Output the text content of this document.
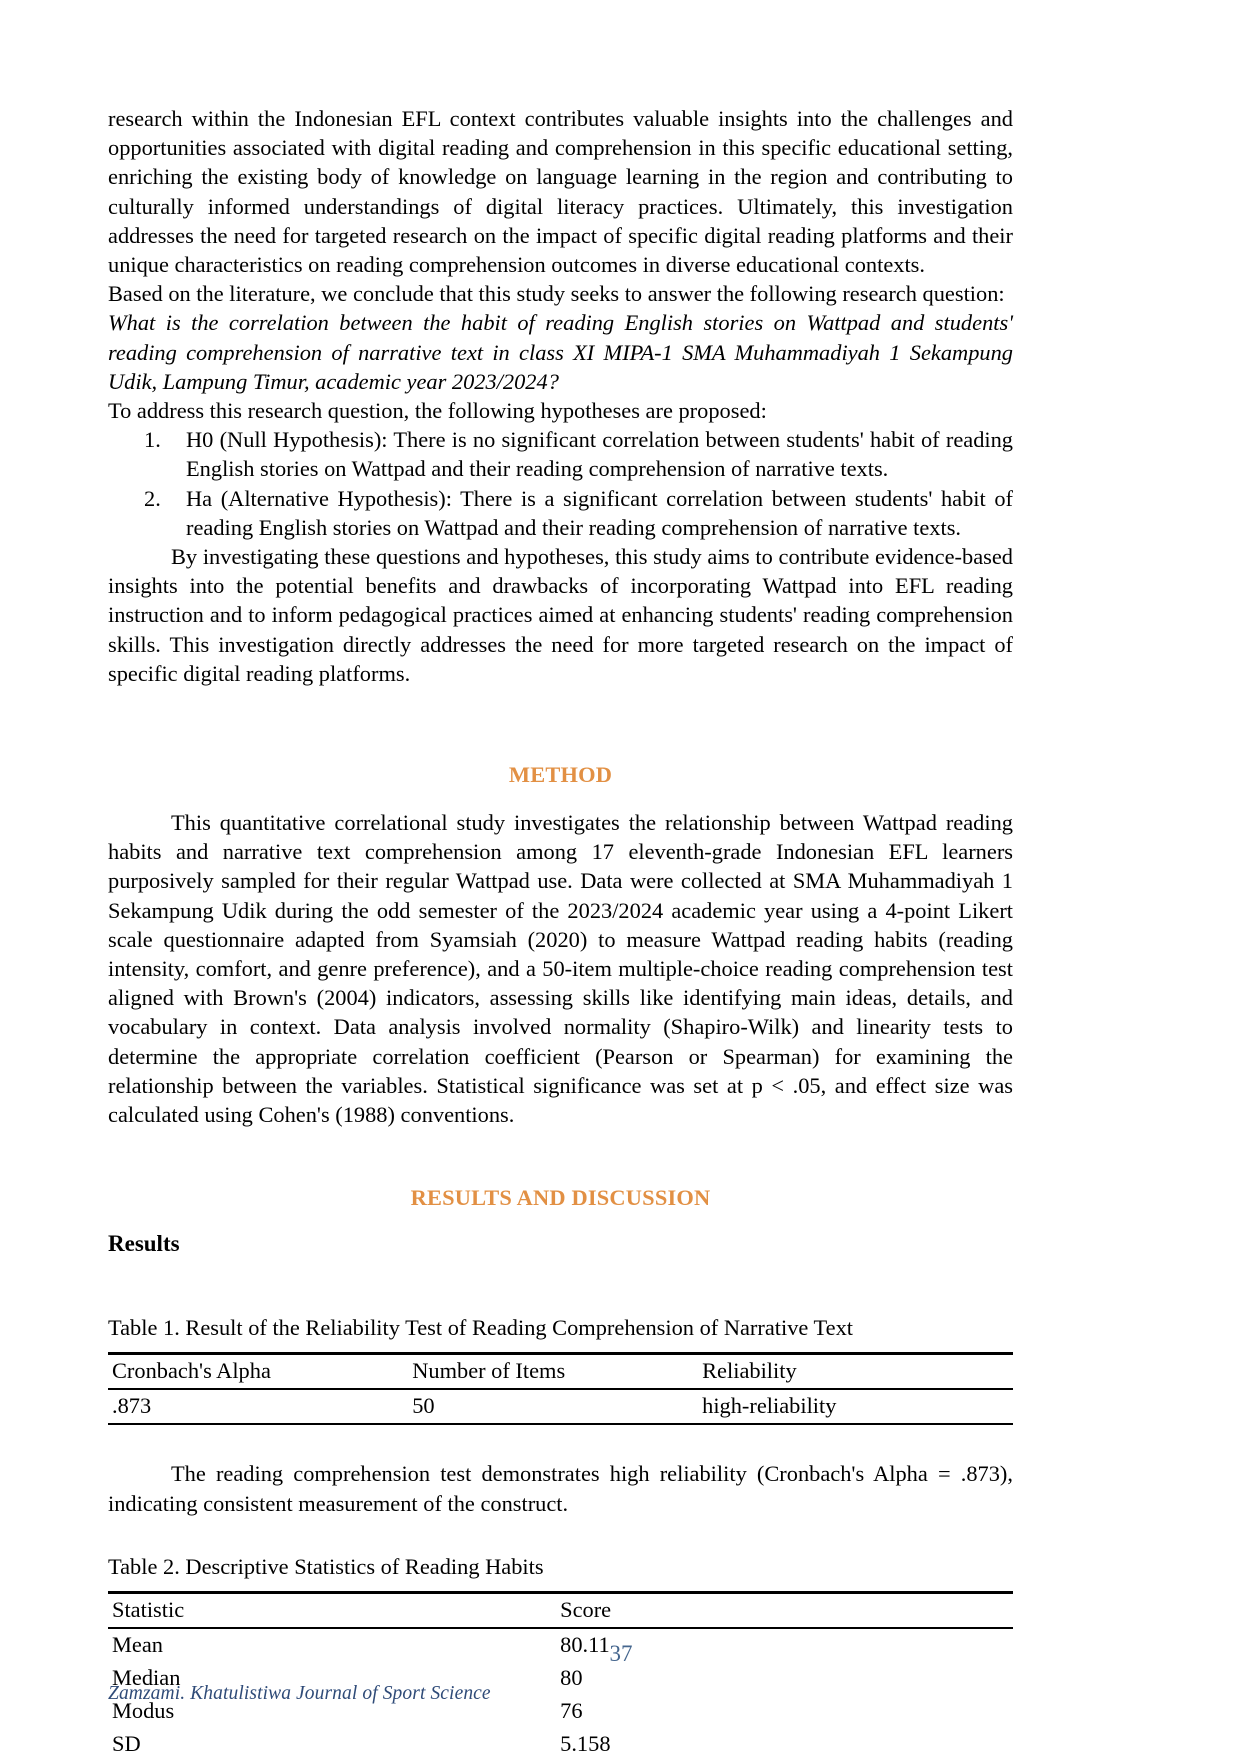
research within the Indonesian EFL context contributes valuable insights into the challenges and opportunities associated with digital reading and comprehension in this specific educational setting, enriching the existing body of knowledge on language learning in the region and contributing to culturally informed understandings of digital literacy practices. Ultimately, this investigation addresses the need for targeted research on the impact of specific digital reading platforms and their unique characteristics on reading comprehension outcomes in diverse educational contexts.

Based on the literature, we conclude that this study seeks to answer the following research question:

What is the correlation between the habit of reading English stories on Wattpad and students' reading comprehension of narrative text in class XI MIPA-1 SMA Muhammadiyah 1 Sekampung Udik, Lampung Timur, academic year 2023/2024?

To address this research question, the following hypotheses are proposed:

H0 (Null Hypothesis): There is no significant correlation between students' habit of reading English stories on Wattpad and their reading comprehension of narrative texts.
Ha (Alternative Hypothesis): There is a significant correlation between students' habit of reading English stories on Wattpad and their reading comprehension of narrative texts.

By investigating these questions and hypotheses, this study aims to contribute evidence-based insights into the potential benefits and drawbacks of incorporating Wattpad into EFL reading instruction and to inform pedagogical practices aimed at enhancing students' reading comprehension skills. This investigation directly addresses the need for more targeted research on the impact of specific digital reading platforms.

METHOD

This quantitative correlational study investigates the relationship between Wattpad reading habits and narrative text comprehension among 17 eleventh-grade Indonesian EFL learners purposively sampled for their regular Wattpad use. Data were collected at SMA Muhammadiyah 1 Sekampung Udik during the odd semester of the 2023/2024 academic year using a 4-point Likert scale questionnaire adapted from Syamsiah (2020) to measure Wattpad reading habits (reading intensity, comfort, and genre preference), and a 50-item multiple-choice reading comprehension test aligned with Brown's (2004) indicators, assessing skills like identifying main ideas, details, and vocabulary in context. Data analysis involved normality (Shapiro-Wilk) and linearity tests to determine the appropriate correlation coefficient (Pearson or Spearman) for examining the relationship between the variables. Statistical significance was set at p < .05, and effect size was calculated using Cohen's (1988) conventions.

RESULTS AND DISCUSSION
Results
Table 1. Result of the Reliability Test of Reading Comprehension of Narrative Text

Cronbach's Alpha	Number of Items	Reliability
.873	50	high-reliability

The reading comprehension test demonstrates high reliability (Cronbach's Alpha = .873), indicating consistent measurement of the construct.

Table 2. Descriptive Statistics of Reading Habits

Statistic	Score
Mean	80.11
Median	80
Modus	76
SD	5.158
37
Zamzami. Khatulistiwa Journal of Sport Science
